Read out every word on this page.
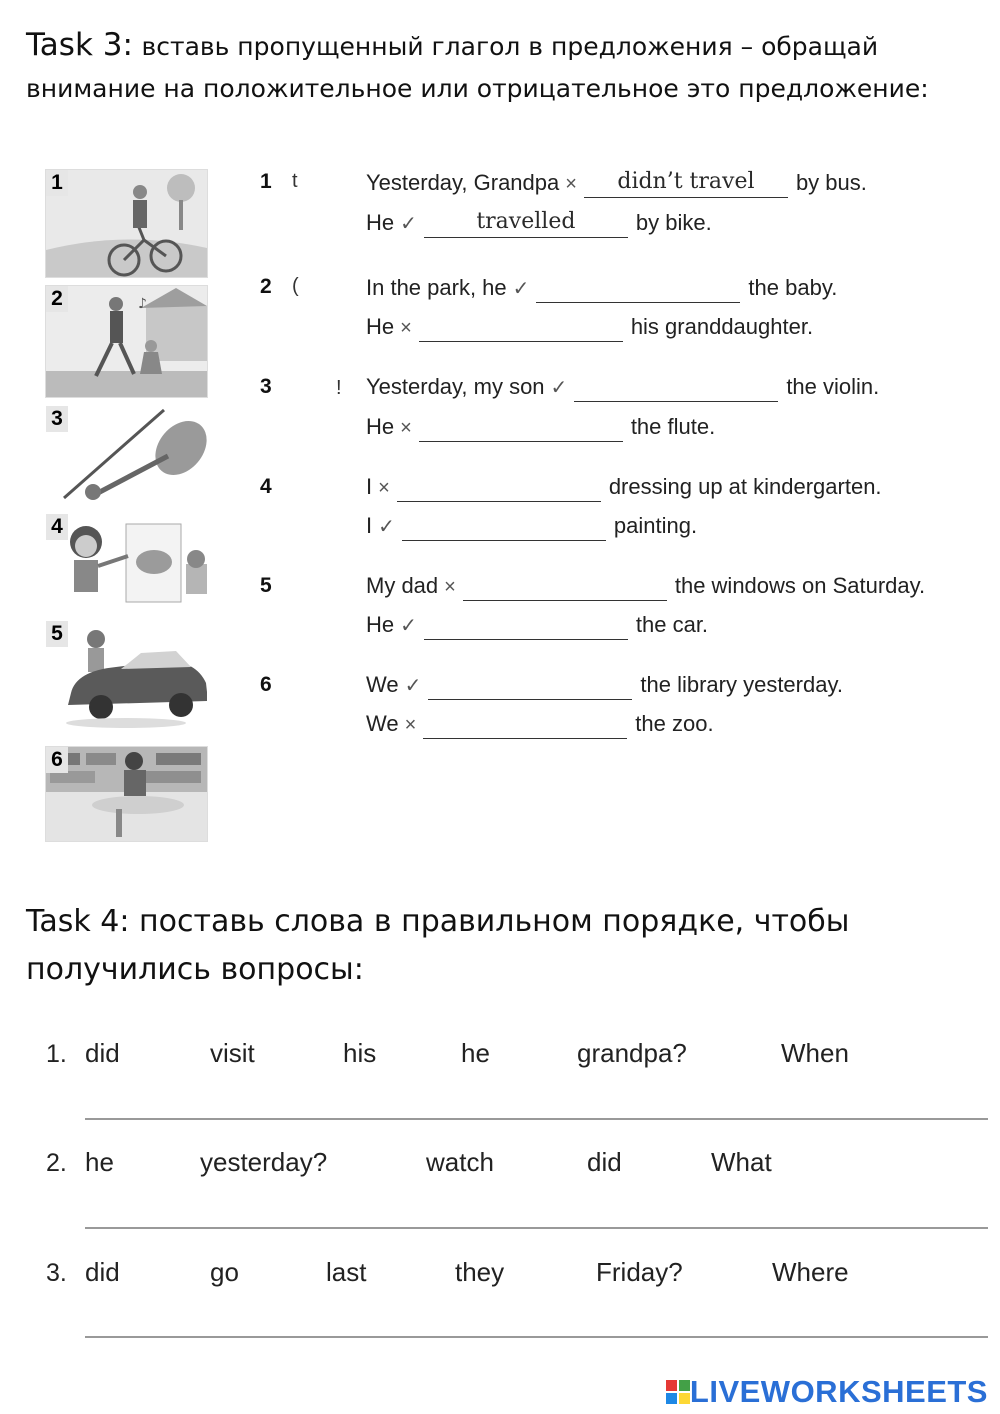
Task 3: вставь пропущенный глагол в предложения – обращай
внимание на положительное или отрицательное это предложение:
1
♪
2
3
4
5
6
1 t	Yesterday, Grandpa ×	didn’t travel	by bus.
He ✓	travelled	by bike.
2 (	In the park, he ✓	the baby.
He ×	his granddaughter.
3	! Yesterday, my son ✓	the violin.
He ×	the flute.
4	I ×	dressing up at kindergarten.
I ✓	painting.
5	My dad ×	the windows on Saturday.
He ✓	the car.
6	We ✓	the library yesterday.
We ×	the zoo.
Task 4: поставь слова в правильном порядке, чтобы
получились вопросы:
1. did	visit	his	he	grandpa?	When
2. he	yesterday?	watch	did	What
3. did	go	last	they	Friday?	Where
LIVEWORKSHEETS
